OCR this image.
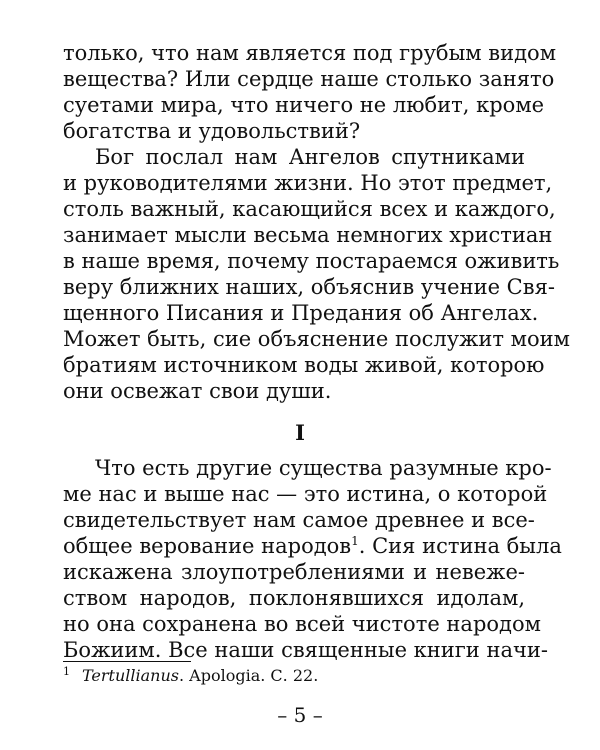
только, что нам является под грубым видом
вещества? Или сердце наше столько занято
суетами мира, что ничего не любит, кроме
богатства и удовольствий?
Бог послал нам Ангелов спутниками
и руководителями жизни. Но этот предмет,
столь важный, касающийся всех и каждого,
занимает мысли весьма немногих христиан
в наше время, почему постараемся оживить
веру ближних наших, объяснив учение Свя-
щенного Писания и Предания об Ангелах.
Может быть, сие объяснение послужит моим
братиям источником воды живой, которою
они освежат свои души.
I
Что есть другие существа разумные кро-
ме нас и выше нас — это истина, о которой
свидетельствует нам самое древнее и все-
общее верование народов$^1$. Сия истина была
искажена злоупотреблениями и невеже-
ством народов, поклонявшихся идолам,
но она сохранена во всей чистоте народом
Божиим. Все наши священные книги начи-
$^1$ Tertullianus. Apologia. С. 22.
– 5 –
